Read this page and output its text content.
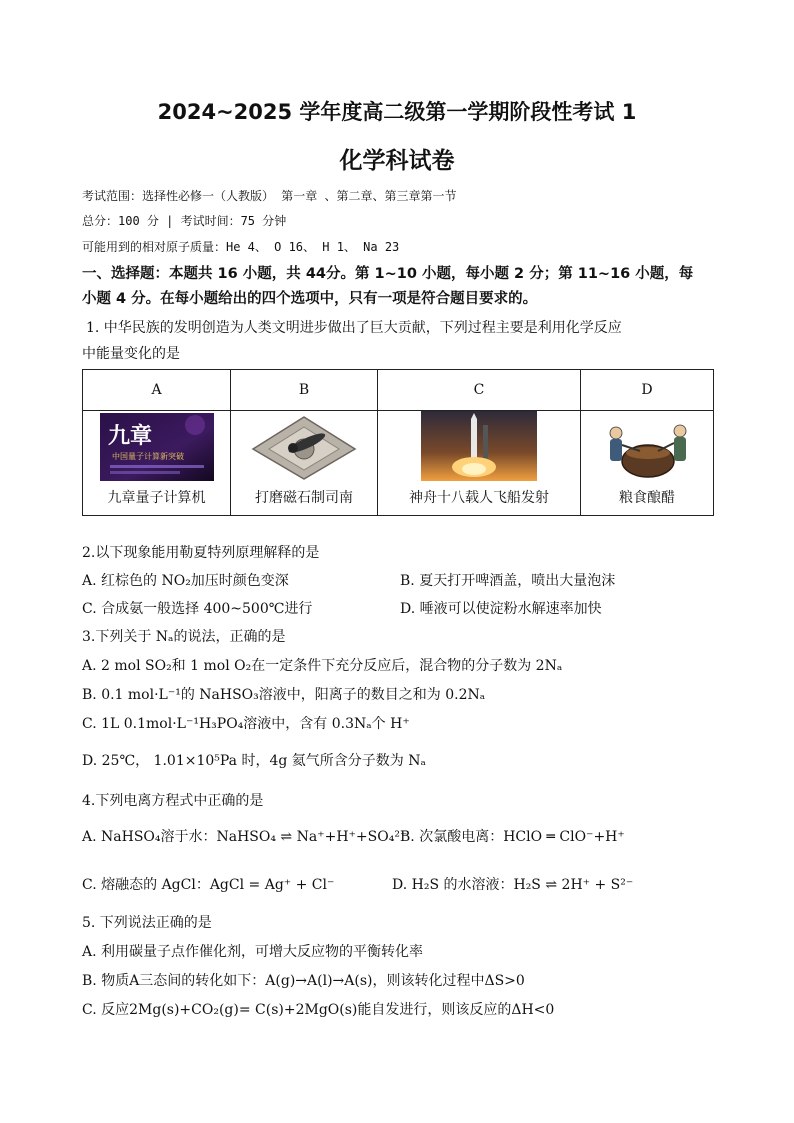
2024~2025 学年度高二级第一学期阶段性考试 1
化学科试卷
考试范围：选择性必修一（人教版） 第一章 、第二章、第三章第一节
总分：100 分 | 考试时间：75 分钟
可能用到的相对原子质量：He 4、 O 16、 H 1、 Na 23
一、选择题：本题共 16 小题，共 44分。第 1~10 小题，每小题 2 分；第 11~16 小题，每
小题 4 分。在每小题给出的四个选项中，只有一项是符合题目要求的。
1. 中华民族的发明创造为人类文明进步做出了巨大贡献，下列过程主要是利用化学反应
中能量变化的是
A	B	C	D

九章
中国量子计算新突破
九章量子计算机	打磨磁石制司南	神舟十八载人飞船发射	粮食酿醋
2.以下现象能用勒夏特列原理解释的是
A. 红棕色的 NO₂加压时颜色变深	B. 夏天打开啤酒盖，喷出大量泡沫
C. 合成氨一般选择 400~500℃进行	D. 唾液可以使淀粉水解速率加快
3.下列关于 Nₐ的说法，正确的是
A. 2 mol SO₂和 1 mol O₂在一定条件下充分反应后，混合物的分子数为 2Nₐ
B. 0.1 mol·L⁻¹的 NaHSO₃溶液中，阳离子的数目之和为 0.2Nₐ
C. 1L 0.1mol·L⁻¹H₃PO₄溶液中，含有 0.3Nₐ个 H⁺
D. 25℃， 1.01×10⁵Pa 时，4g 氦气所含分子数为 Nₐ
4.下列电离方程式中正确的是
A. NaHSO₄溶于水：NaHSO₄ ⇌ Na⁺+H⁺+SO₄²⁻
B. 次氯酸电离：HClO ═ ClO⁻+H⁺
C. 熔融态的 AgCl：AgCl = Ag⁺ + Cl⁻	D. H₂S 的水溶液：H₂S ⇌ 2H⁺ + S²⁻
5. 下列说法正确的是
A. 利用碳量子点作催化剂，可增大反应物的平衡转化率
B. 物质A三态间的转化如下：A(g)→A(l)→A(s)，则该转化过程中ΔS>0
C. 反应2Mg(s)+CO₂(g)= C(s)+2MgO(s)能自发进行，则该反应的ΔH<0
